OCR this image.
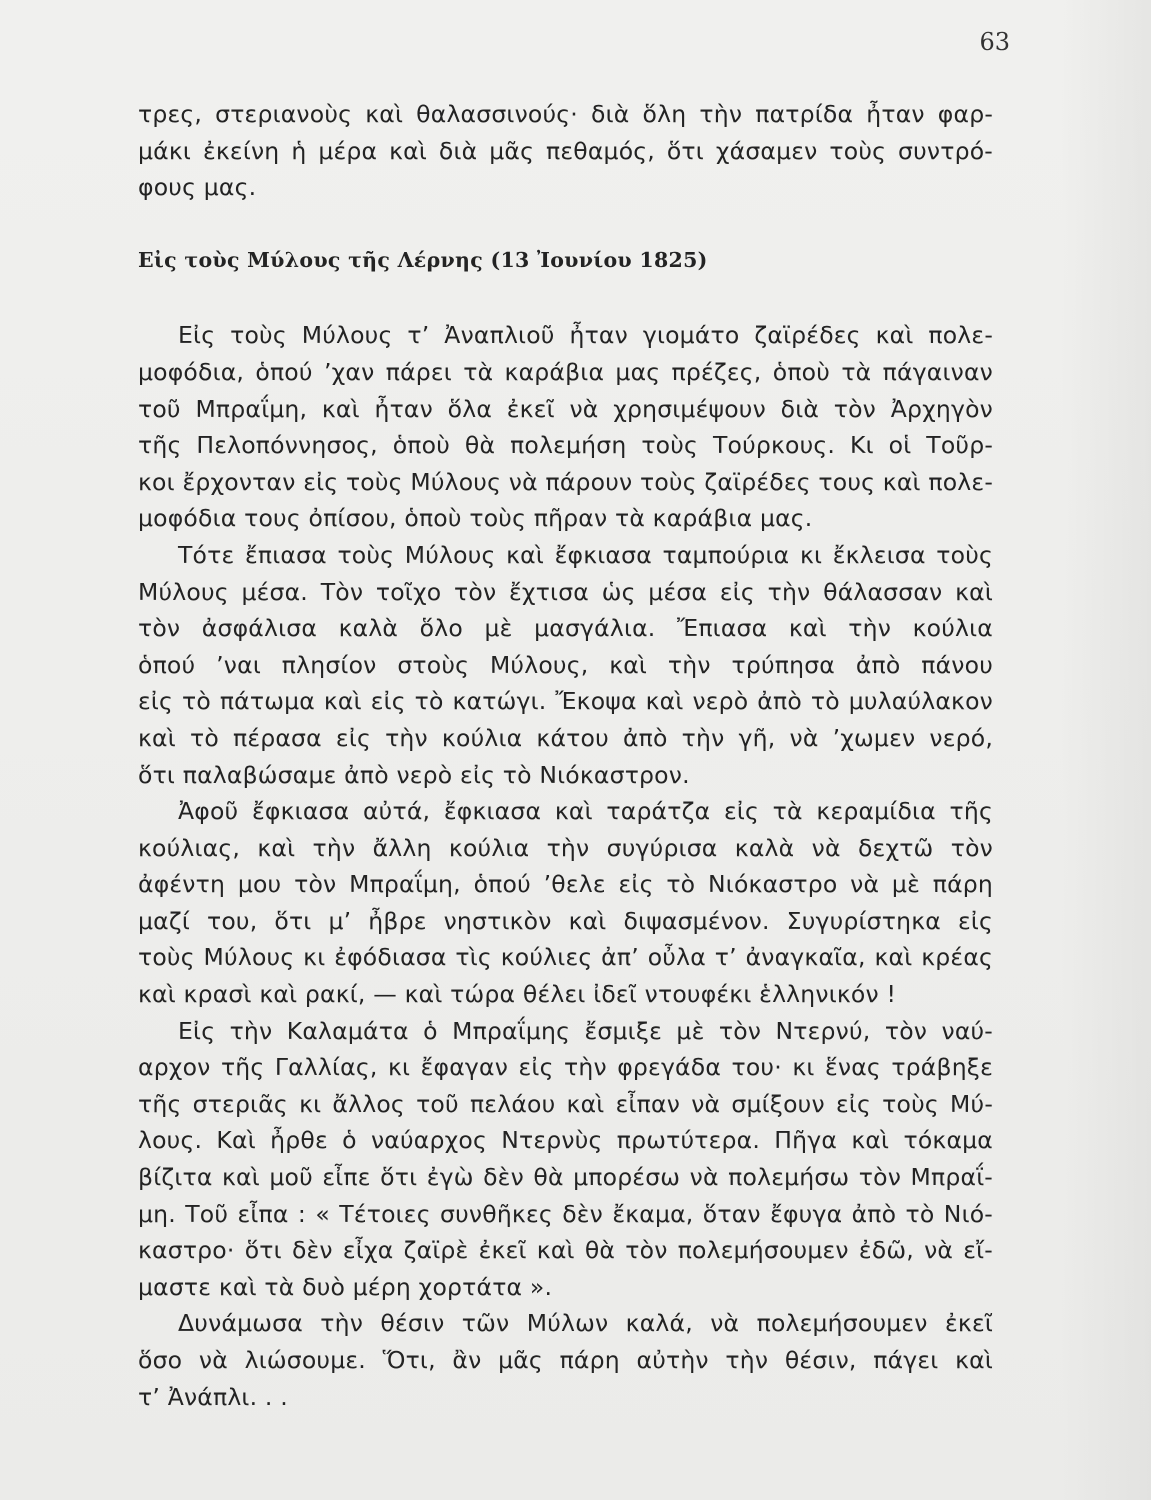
63

τρες, στεριανοὺς καὶ θαλασσινούς· διὰ ὅλη τὴν πατρίδα ἦταν φαρ-
μάκι ἐκείνη ἡ μέρα καὶ διὰ μᾶς πεθαμός, ὅτι χάσαμεν τοὺς συντρό-
φους μας.

Εἰς τοὺς Μύλους τῆς Λέρνης (13 Ἰουνίου 1825)

Εἰς τοὺς Μύλους τ’ Ἀναπλιοῦ ἦταν γιομάτο ζαϊρέδες καὶ πολε-
μοφόδια, ὁπού ’χαν πάρει τὰ καράβια μας πρέζες, ὁποὺ τὰ πάγαιναν
τοῦ Μπραΐμη, καὶ ἦταν ὅλα ἐκεῖ νὰ χρησιμέψουν διὰ τὸν Ἀρχηγὸν
τῆς Πελοπόννησος, ὁποὺ θὰ πολεμήση τοὺς Τούρκους. Κι οἱ Τοῦρ-
κοι ἔρχονταν εἰς τοὺς Μύλους νὰ πάρουν τοὺς ζαϊρέδες τους καὶ πολε-
μοφόδια τους ὀπίσου, ὁποὺ τοὺς πῆραν τὰ καράβια μας.

Τότε ἔπιασα τοὺς Μύλους καὶ ἔφκιασα ταμπούρια κι ἔκλεισα τοὺς
Μύλους μέσα. Τὸν τοῖχο τὸν ἔχτισα ὡς μέσα εἰς τὴν θάλασσαν καὶ
τὸν ἀσφάλισα καλὰ ὅλο μὲ μασγάλια. Ἔπιασα καὶ τὴν κούλια
ὁπού ’ναι πλησίον στοὺς Μύλους, καὶ τὴν τρύπησα ἀπὸ πάνου
εἰς τὸ πάτωμα καὶ εἰς τὸ κατώγι. Ἔκοψα καὶ νερὸ ἀπὸ τὸ μυλαύλακον
καὶ τὸ πέρασα εἰς τὴν κούλια κάτου ἀπὸ τὴν γῆ, νὰ ’χωμεν νερό,
ὅτι παλαβώσαμε ἀπὸ νερὸ εἰς τὸ Νιόκαστρον.

Ἀφοῦ ἔφκιασα αὐτά, ἔφκιασα καὶ ταράτζα εἰς τὰ κεραμίδια τῆς
κούλιας, καὶ τὴν ἄλλη κούλια τὴν συγύρισα καλὰ νὰ δεχτῶ τὸν
ἀφέντη μου τὸν Μπραΐμη, ὁπού ’θελε εἰς τὸ Νιόκαστρο νὰ μὲ πάρη
μαζί του, ὅτι μ’ ἦβρε νηστικὸν καὶ διψασμένον. Συγυρίστηκα εἰς
τοὺς Μύλους κι ἐφόδιασα τὶς κούλιες ἀπ’ οὖλα τ’ ἀναγκαῖα, καὶ κρέας
καὶ κρασὶ καὶ ρακί, — καὶ τώρα θέλει ἰδεῖ ντουφέκι ἑλληνικόν !

Εἰς τὴν Καλαμάτα ὁ Μπραΐμης ἔσμιξε μὲ τὸν Ντερνύ, τὸν ναύ-
αρχον τῆς Γαλλίας, κι ἔφαγαν εἰς τὴν φρεγάδα του· κι ἕνας τράβηξε
τῆς στεριᾶς κι ἄλλος τοῦ πελάου καὶ εἶπαν νὰ σμίξουν εἰς τοὺς Μύ-
λους. Καὶ ἦρθε ὁ ναύαρχος Ντερνὺς πρωτύτερα. Πῆγα καὶ τόκαμα
βίζιτα καὶ μοῦ εἶπε ὅτι ἐγὼ δὲν θὰ μπορέσω νὰ πολεμήσω τὸν Μπραΐ-
μη. Τοῦ εἶπα : « Τέτοιες συνθῆκες δὲν ἔκαμα, ὅταν ἔφυγα ἀπὸ τὸ Νιό-
καστρο· ὅτι δὲν εἶχα ζαϊρὲ ἐκεῖ καὶ θὰ τὸν πολεμήσουμεν ἐδῶ, νὰ εἴ-
μαστε καὶ τὰ δυὸ μέρη χορτάτα ».

Δυνάμωσα τὴν θέσιν τῶν Μύλων καλά, νὰ πολεμήσουμεν ἐκεῖ
ὅσο νὰ λιώσουμε. Ὅτι, ἂν μᾶς πάρη αὐτὴν τὴν θέσιν, πάγει καὶ
τ’ Ἀνάπλι. . .
